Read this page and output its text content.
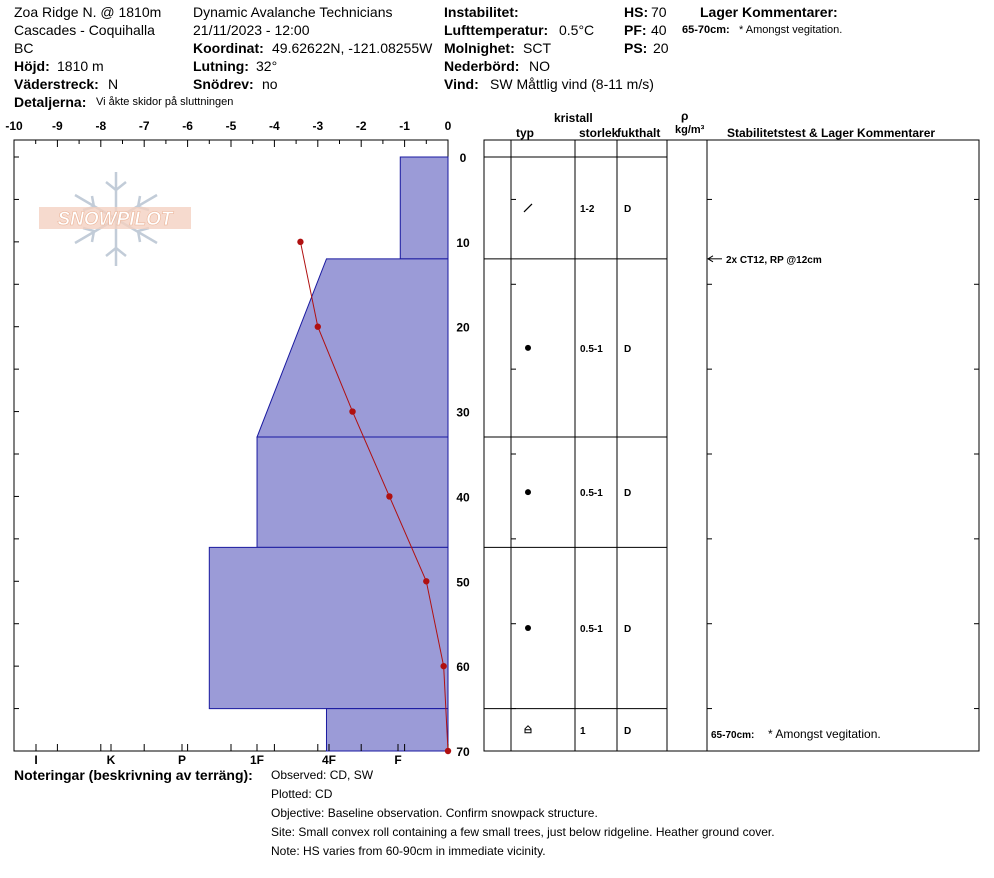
Zoa Ridge N. @ 1810m
Cascades - Coquihalla
BC
Höjd: 1810 m
Väderstreck: N
Detaljerna: Vi åkte skidor på sluttningen
Dynamic Avalanche Technicians
21/11/2023 - 12:00
Koordinat: 49.62622N, -121.08255W
Lutning: 32°
Snödrev: no
Instabilitet:
Lufttemperatur: 0.5°C
Molnighet: SCT
Nederbörd: NO
Vind: SW Måttlig vind (8-11 m/s)
HS: 70
PF: 40
PS: 20
Lager Kommentarer:
65-70cm: * Amongst vegitation.
kristall
typ	storlek
fukthalt
ρ
kg/m³ Stabilitetstest & Lager Kommentarer
SNOWPILOT
0
10
20
30
40
50
60
70
1-2	D
0.5-1 D
0.5-1 D
0.5-1 D
1	D
2x CT12, RP @12cm
65-70cm: * Amongst vegitation.
-10	-9	-8	-7	-6	-5	-4	-3	-2	-1	0
I	K	P	1F	4F	F
Noteringar (beskrivning av terräng): Observed: CD, SW
Plotted: CD
Objective: Baseline observation. Confirm snowpack structure.
Site: Small convex roll containing a few small trees, just below ridgeline. Heather ground cover.
Note: HS varies from 60-90cm in immediate vicinity.
